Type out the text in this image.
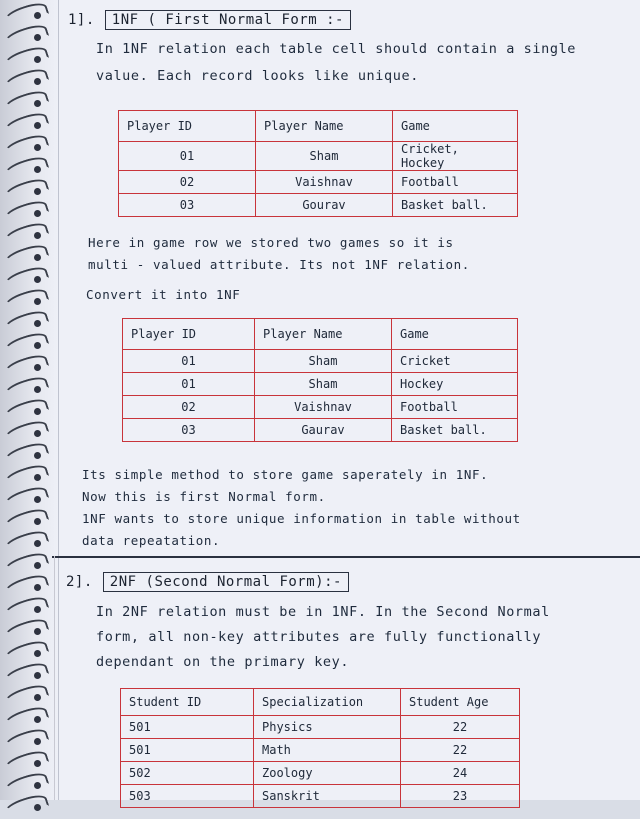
1]. 1NF ( First Normal Form :-
In 1NF relation each table cell should contain a single
value. Each record looks like unique.
Player ID	Player Name	Game
01	Sham	Cricket, Hockey
02	Vaishnav	Football
03	Gourav	Basket ball.
Here in game row we stored two games so it is
multi - valued attribute. Its not 1NF relation.
Convert it into 1NF
Player ID	Player Name	Game
01	Sham	Cricket
01	Sham	Hockey
02	Vaishnav	Football
03	Gaurav	Basket ball.
Its simple method to store game saperately in 1NF.
Now this is first Normal form.
1NF wants to store unique information in table without
data repeatation.
2]. 2NF (Second Normal Form):-
In 2NF relation must be in 1NF. In the Second Normal
form, all non-key attributes are fully functionally
dependant on the primary key.
Student ID	Specialization	Student Age
501	Physics	22
501	Math	22
502	Zoology	24
503	Sanskrit	23
